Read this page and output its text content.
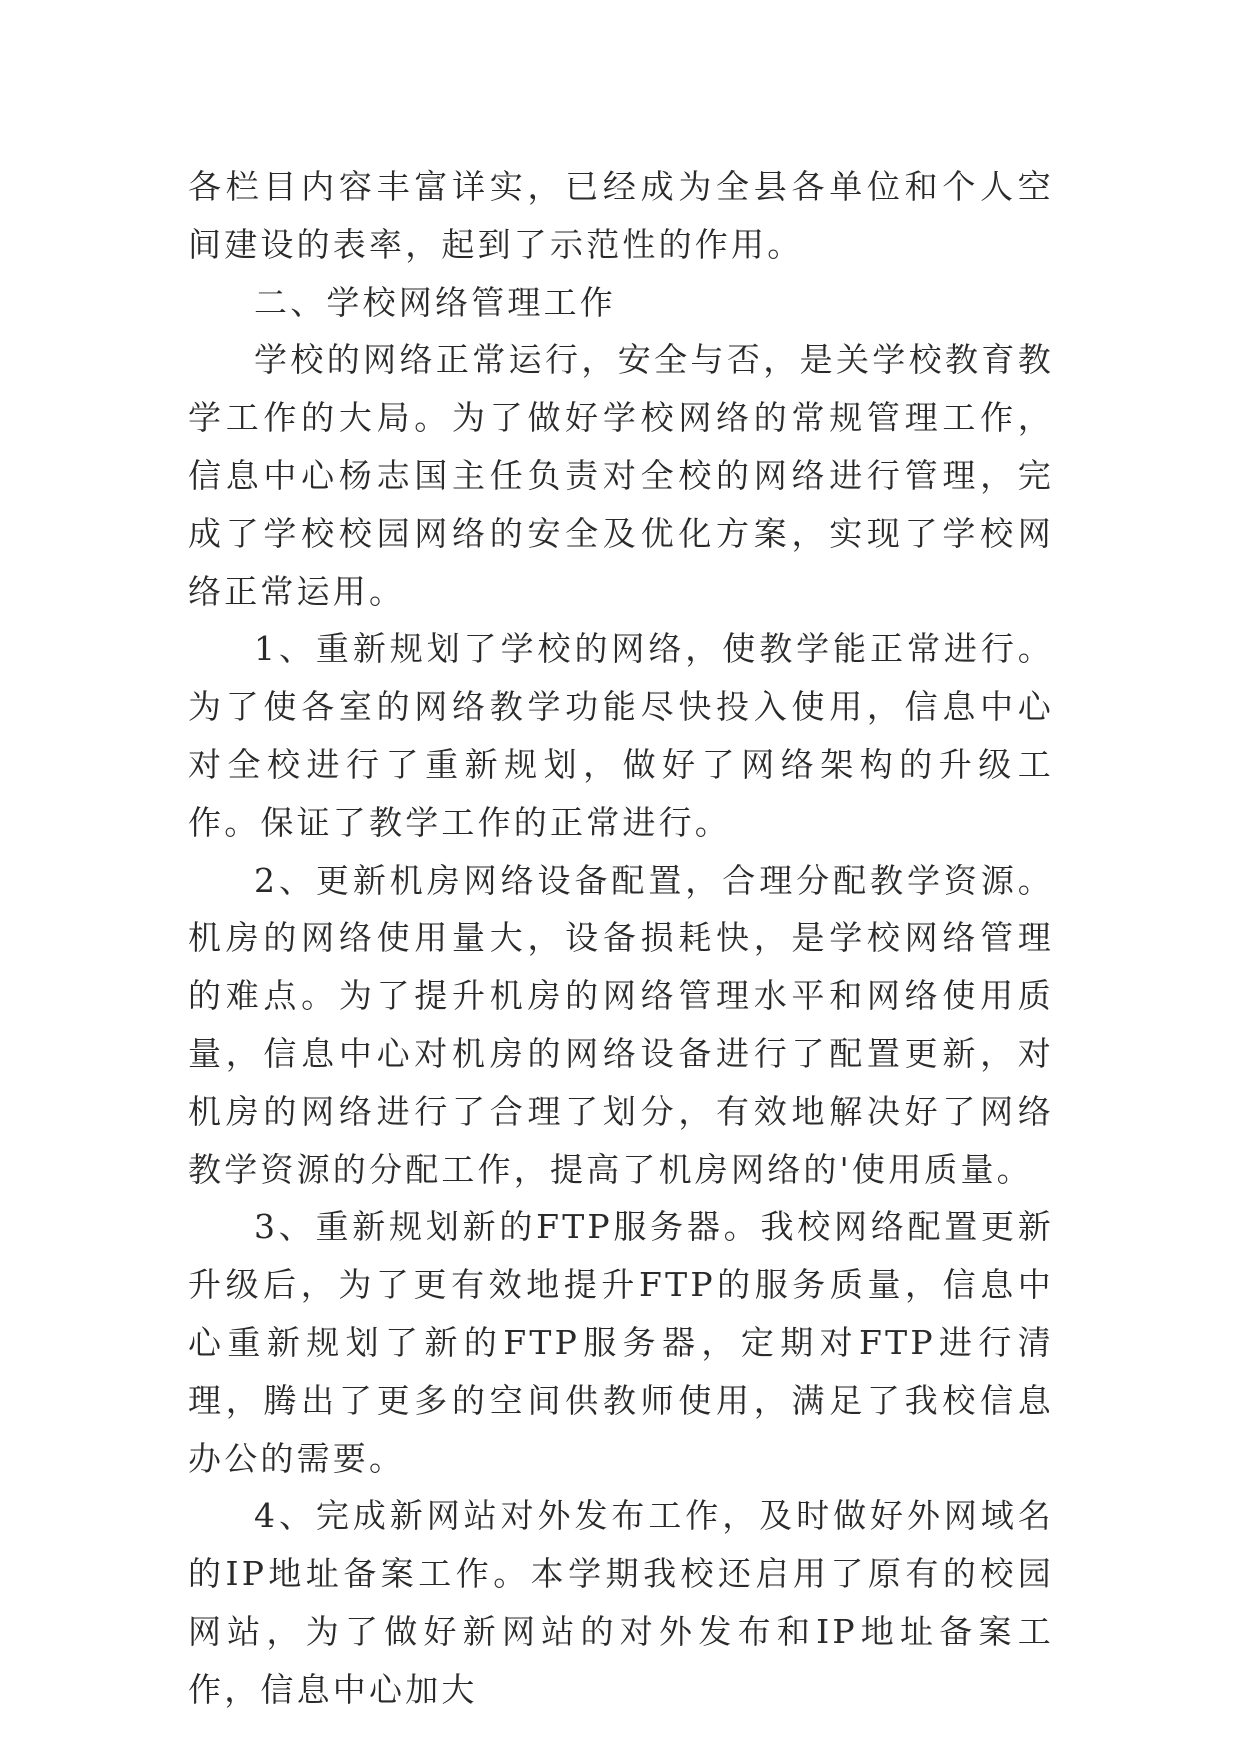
各栏目内容丰富详实，已经成为全县各单位和个人空间建设的表率，起到了示范性的作用。

二、学校网络管理工作

学校的网络正常运行，安全与否，是关学校教育教学工作的大局。为了做好学校网络的常规管理工作，信息中心杨志国主任负责对全校的网络进行管理，完成了学校校园网络的安全及优化方案，实现了学校网络正常运用。

1、重新规划了学校的网络，使教学能正常进行。为了使各室的网络教学功能尽快投入使用，信息中心对全校进行了重新规划，做好了网络架构的升级工作。保证了教学工作的正常进行。

2、更新机房网络设备配置，合理分配教学资源。机房的网络使用量大，设备损耗快，是学校网络管理的难点。为了提升机房的网络管理水平和网络使用质量，信息中心对机房的网络设备进行了配置更新，对机房的网络进行了合理了划分，有效地解决好了网络教学资源的分配工作，提高了机房网络的'使用质量。

3、重新规划新的FTP服务器。我校网络配置更新升级后，为了更有效地提升FTP的服务质量，信息中心重新规划了新的FTP服务器，定期对FTP进行清理，腾出了更多的空间供教师使用，满足了我校信息办公的需要。

4、完成新网站对外发布工作，及时做好外网域名的IP地址备案工作。本学期我校还启用了原有的校园网站，为了做好新网站的对外发布和IP地址备案工作，信息中心加大
